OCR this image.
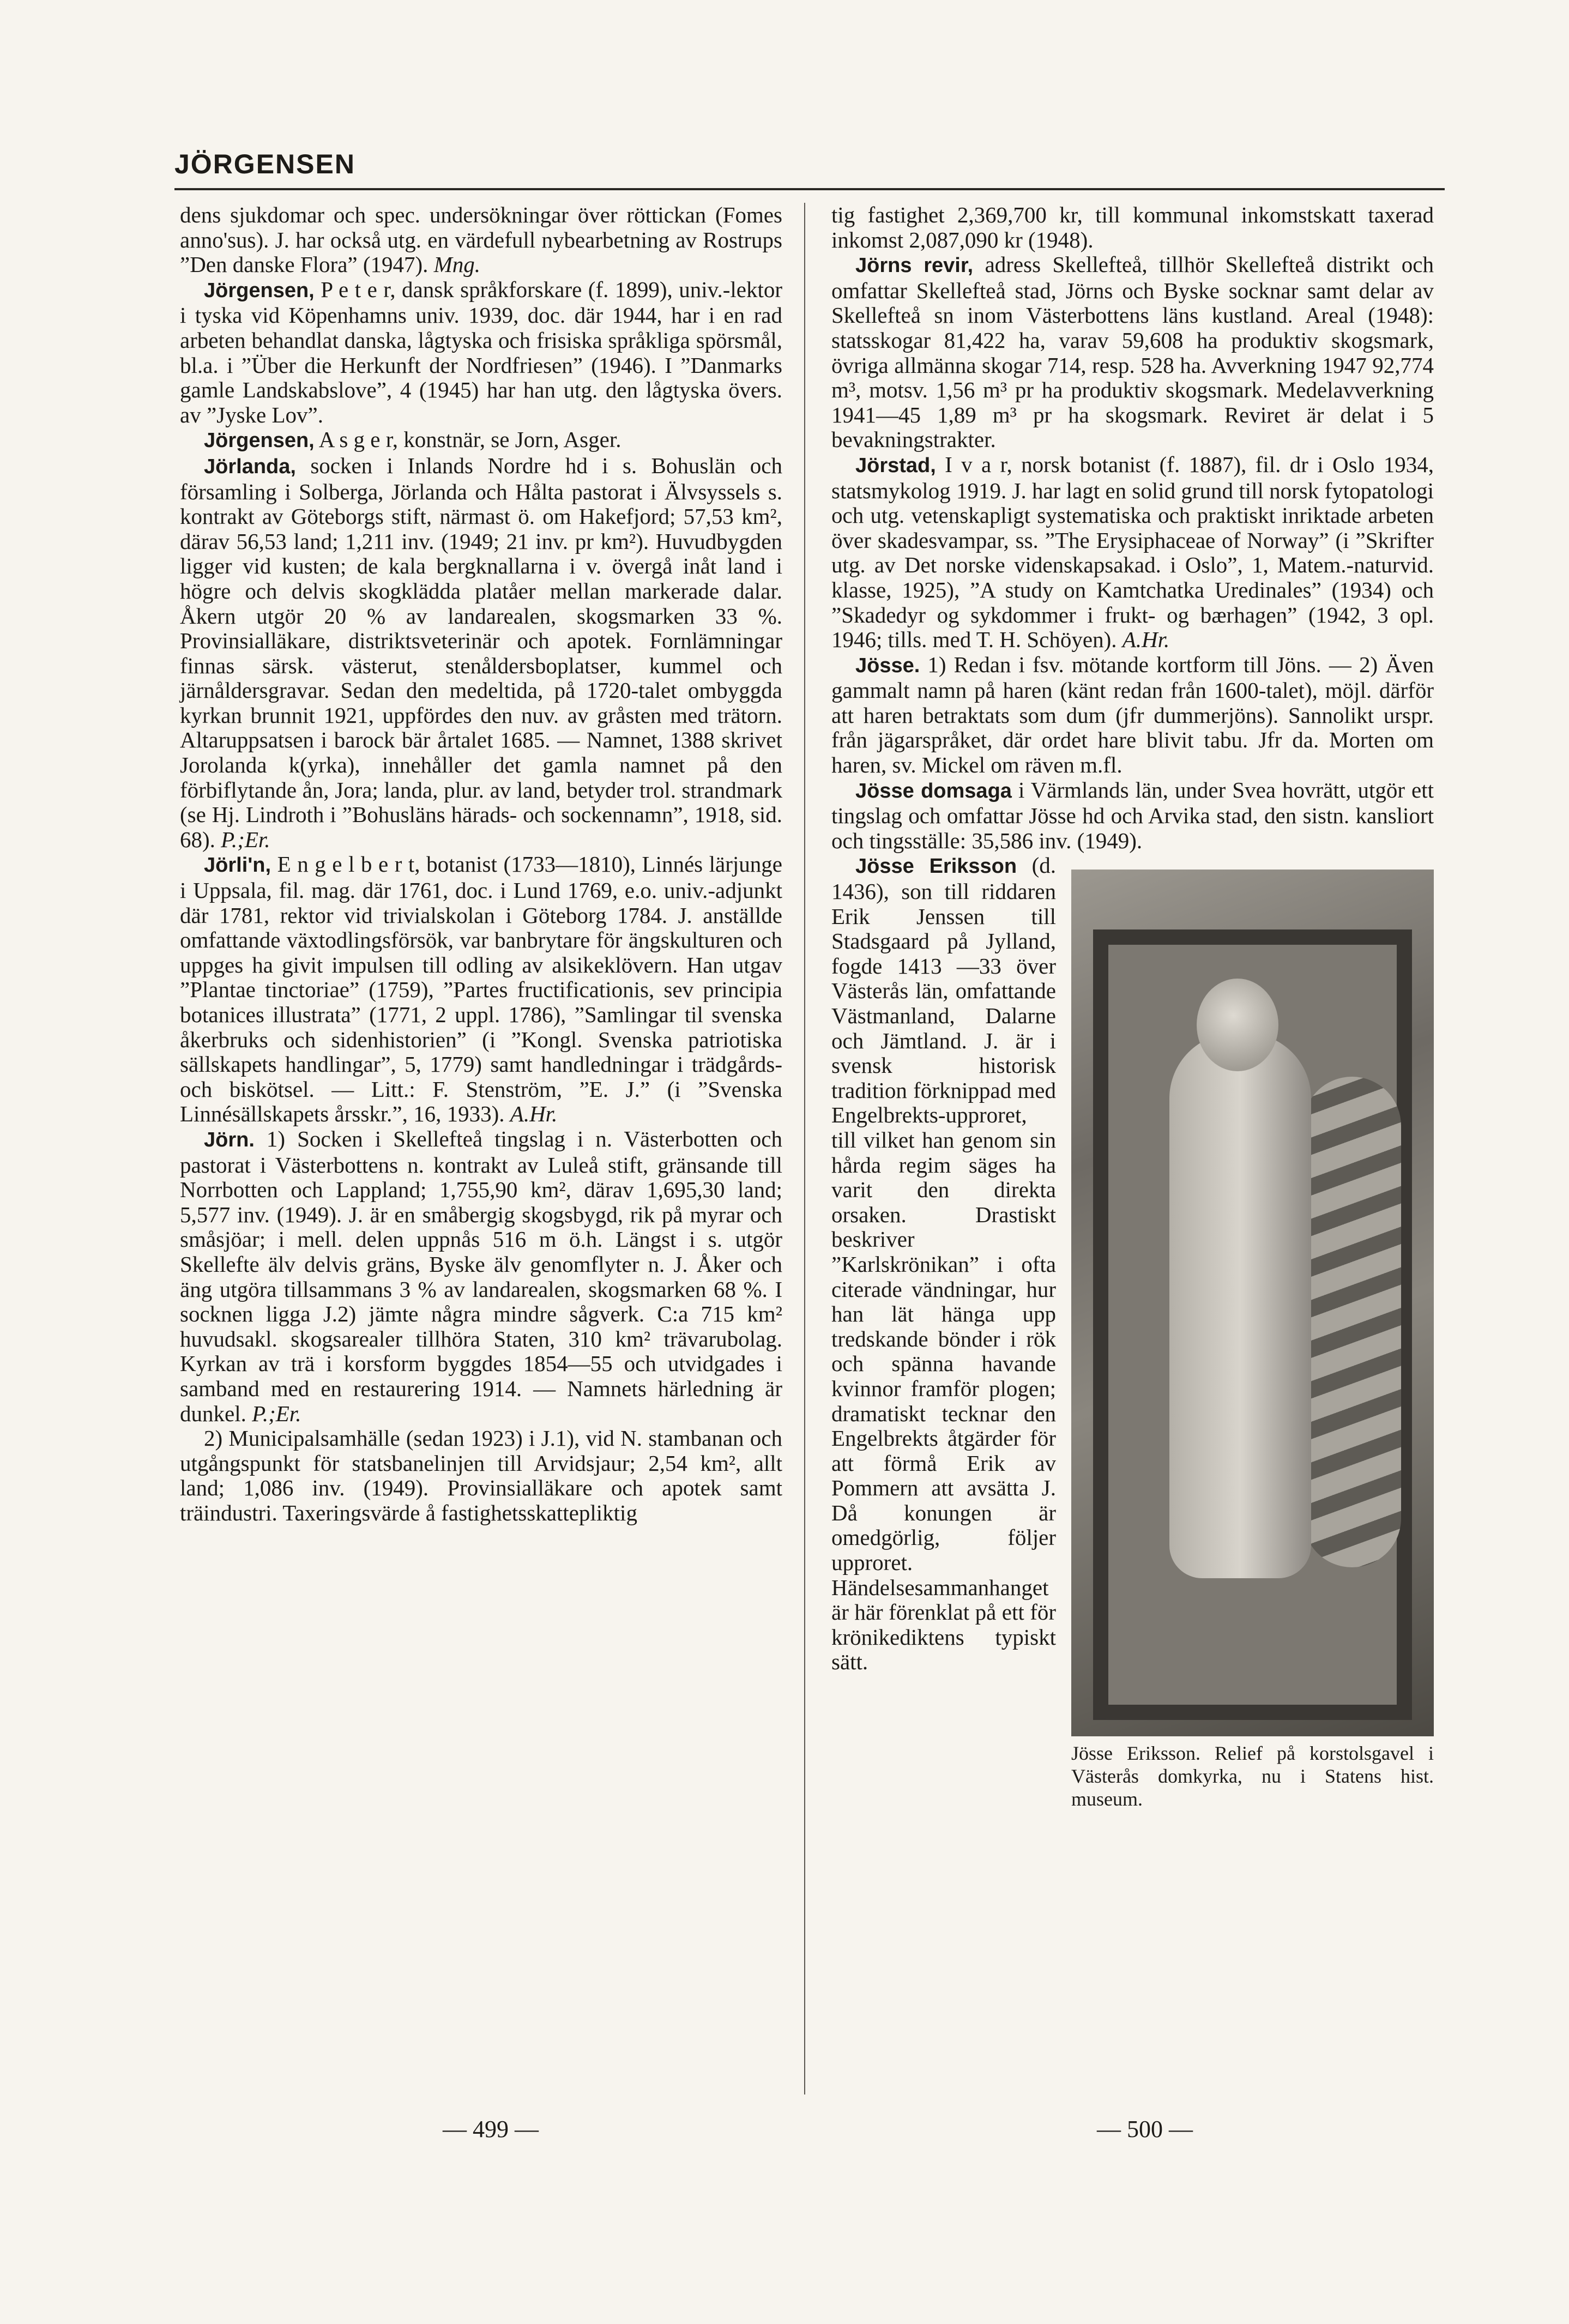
JÖRGENSEN

dens sjukdomar och spec. undersökningar över röttickan (Fomes anno'sus). J. har också utg. en värdefull nybearbetning av Rostrups ”Den danske Flora” (1947). Mng.

Jörgensen, P e t e r, dansk språkforskare (f. 1899), univ.-lektor i tyska vid Köpenhamns univ. 1939, doc. där 1944, har i en rad arbeten behandlat danska, lågtyska och frisiska språkliga spörsmål, bl.a. i ”Über die Herkunft der Nordfriesen” (1946). I ”Danmarks gamle Landskabslove”, 4 (1945) har han utg. den lågtyska övers. av ”Jyske Lov”.

Jörgensen, A s g e r, konstnär, se Jorn, Asger.

Jörlanda, socken i Inlands Nordre hd i s. Bohuslän och församling i Solberga, Jörlanda och Hålta pastorat i Älvsyssels s. kontrakt av Göteborgs stift, närmast ö. om Hakefjord; 57,53 km², därav 56,53 land; 1,211 inv. (1949; 21 inv. pr km²). Huvudbygden ligger vid kusten; de kala bergknallarna i v. övergå inåt land i högre och delvis skogklädda platåer mellan markerade dalar. Åkern utgör 20 % av landarealen, skogsmarken 33 %. Provinsialläkare, distriktsveterinär och apotek. Fornlämningar finnas särsk. västerut, stenåldersboplatser, kummel och järnåldersgravar. Sedan den medeltida, på 1720-talet ombyggda kyrkan brunnit 1921, uppfördes den nuv. av gråsten med trätorn. Altaruppsatsen i barock bär årtalet 1685. — Namnet, 1388 skrivet Jorolanda k(yrka), innehåller det gamla namnet på den förbiflytande ån, Jora; landa, plur. av land, betyder trol. strandmark (se Hj. Lindroth i ”Bohusläns härads- och sockennamn”, 1918, sid. 68). P.;Er.

Jörli'n, E n g e l b e r t, botanist (1733—1810), Linnés lärjunge i Uppsala, fil. mag. där 1761, doc. i Lund 1769, e.o. univ.-adjunkt där 1781, rektor vid trivialskolan i Göteborg 1784. J. anställde omfattande växtodlingsförsök, var banbrytare för ängskulturen och uppges ha givit impulsen till odling av alsikeklövern. Han utgav ”Plantae tinctoriae” (1759), ”Partes fructificationis, sev principia botanices illustrata” (1771, 2 uppl. 1786), ”Samlingar til svenska åkerbruks och sidenhistorien” (i ”Kongl. Svenska patriotiska sällskapets handlingar”, 5, 1779) samt handledningar i trädgårds- och biskötsel. — Litt.: F. Stenström, ”E. J.” (i ”Svenska Linnésällskapets årsskr.”, 16, 1933). A.Hr.

Jörn. 1) Socken i Skellefteå tingslag i n. Västerbotten och pastorat i Västerbottens n. kontrakt av Luleå stift, gränsande till Norrbotten och Lappland; 1,755,90 km², därav 1,695,30 land; 5,577 inv. (1949). J. är en småbergig skogsbygd, rik på myrar och småsjöar; i mell. delen uppnås 516 m ö.h. Längst i s. utgör Skellefte älv delvis gräns, Byske älv genomflyter n. J. Åker och äng utgöra tillsammans 3 % av landarealen, skogsmarken 68 %. I socknen ligga J.2) jämte några mindre sågverk. C:a 715 km² huvudsakl. skogsarealer tillhöra Staten, 310 km² trävarubolag. Kyrkan av trä i korsform byggdes 1854—55 och utvidgades i samband med en restaurering 1914. — Namnets härledning är dunkel. P.;Er.

2) Municipalsamhälle (sedan 1923) i J.1), vid N. stambanan och utgångspunkt för statsbanelinjen till Arvidsjaur; 2,54 km², allt land; 1,086 inv. (1949). Provinsialläkare och apotek samt träindustri. Taxeringsvärde å fastighetsskattepliktig

tig fastighet 2,369,700 kr, till kommunal inkomstskatt taxerad inkomst 2,087,090 kr (1948).

Jörns revir, adress Skellefteå, tillhör Skellefteå distrikt och omfattar Skellefteå stad, Jörns och Byske socknar samt delar av Skellefteå sn inom Västerbottens läns kustland. Areal (1948): statsskogar 81,422 ha, varav 59,608 ha produktiv skogsmark, övriga allmänna skogar 714, resp. 528 ha. Avverkning 1947 92,774 m³, motsv. 1,56 m³ pr ha produktiv skogsmark. Medelavverkning 1941—45 1,89 m³ pr ha skogsmark. Reviret är delat i 5 bevakningstrakter.

Jörstad, I v a r, norsk botanist (f. 1887), fil. dr i Oslo 1934, statsmykolog 1919. J. har lagt en solid grund till norsk fytopatologi och utg. vetenskapligt systematiska och praktiskt inriktade arbeten över skadesvampar, ss. ”The Erysiphaceae of Norway” (i ”Skrifter utg. av Det norske videnskapsakad. i Oslo”, 1, Matem.-naturvid. klasse, 1925), ”A study on Kamtchatka Uredinales” (1934) och ”Skadedyr og sykdommer i frukt- og bærhagen” (1942, 3 opl. 1946; tills. med T. H. Schöyen). A.Hr.

Jösse. 1) Redan i fsv. mötande kortform till Jöns. — 2) Även gammalt namn på haren (känt redan från 1600-talet), möjl. därför att haren betraktats som dum (jfr dummerjöns). Sannolikt urspr. från jägarspråket, där ordet hare blivit tabu. Jfr da. Morten om haren, sv. Mickel om räven m.fl.

Jösse domsaga i Värmlands län, under Svea hovrätt, utgör ett tingslag och omfattar Jösse hd och Arvika stad, den sistn. kansliort och tingsställe: 35,586 inv. (1949).

Jösse Eriksson. Relief på korstolsgavel i Västerås domkyrka, nu i Statens hist. museum.

Jösse Eriksson (d. 1436), son till riddaren Erik Jenssen till Stadsgaard på Jylland, fogde 1413 —33 över Västerås län, omfattande Västmanland, Dalarne och Jämtland. J. är i svensk historisk tradition förknippad med Engelbrekts-upproret, till vilket han genom sin hårda regim säges ha varit den direkta orsaken. Drastiskt beskriver ”Karlskrönikan” i ofta citerade vändningar, hur han lät hänga upp tredskande bönder i rök och spänna havande kvinnor framför plogen; dramatiskt tecknar den Engelbrekts åtgärder för att förmå Erik av Pommern att avsätta J. Då konungen är omedgörlig, följer upproret. Händelsesammanhanget är här förenklat på ett för krönikediktens typiskt sätt.

— 499 —	— 500 —
